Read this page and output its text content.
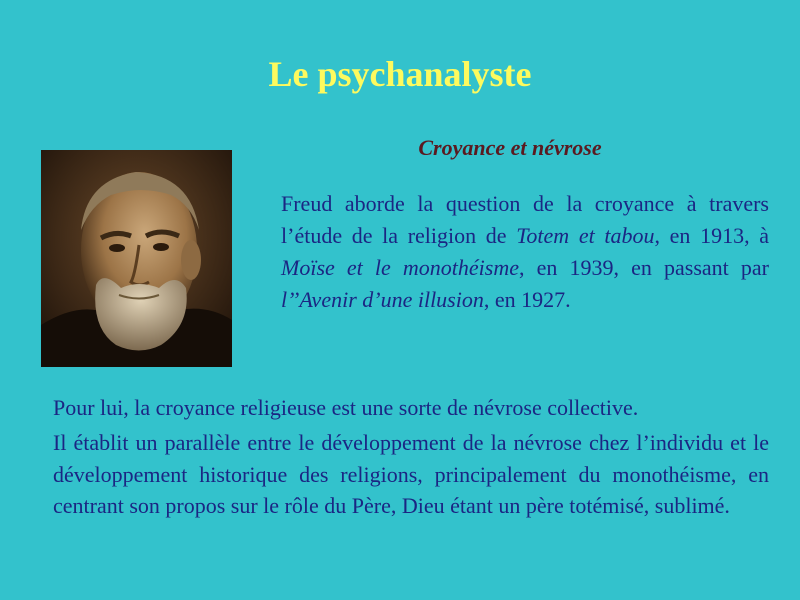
Le psychanalyste
Croyance et névrose
Freud aborde la question de la croyance à travers l’étude de la religion de Totem et tabou, en 1913, à Moïse et le monothéisme, en 1939, en passant par l’’Avenir d’une illusion, en 1927.
Pour lui, la croyance religieuse est une sorte de névrose collective.
Il établit un parallèle entre le développement de la névrose chez l’individu et le développement historique des religions, principalement du monothéisme, en centrant son propos sur le rôle du Père, Dieu étant un père totémisé, sublimé.
